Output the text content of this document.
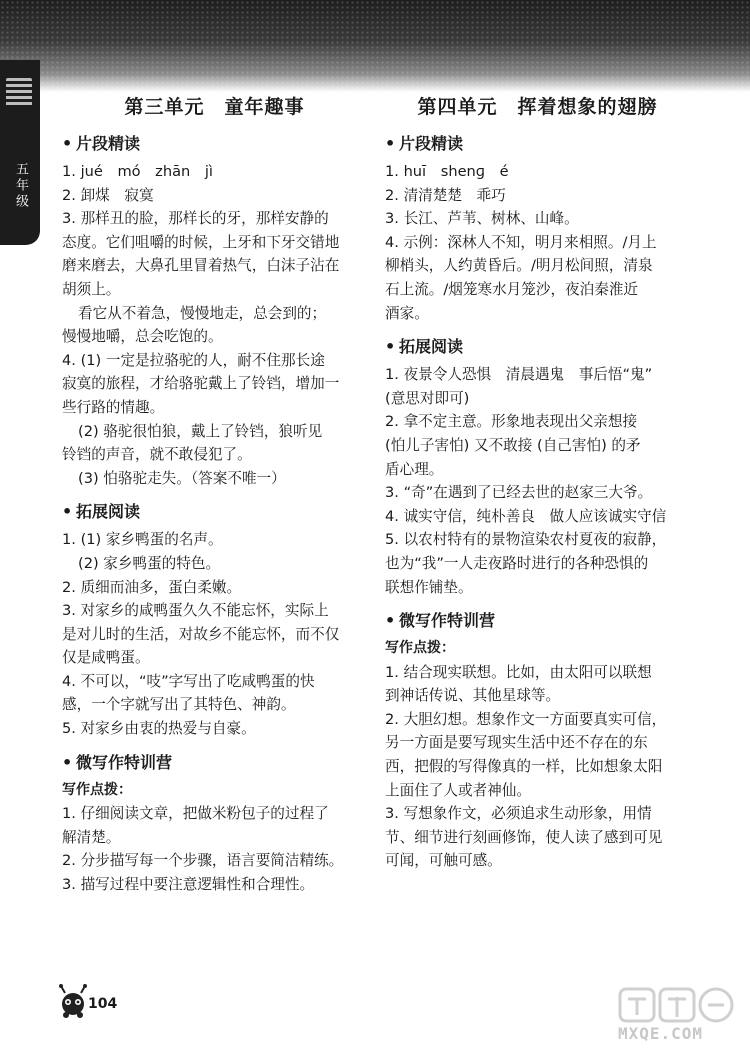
五年级
第三单元　童年趣事
• 片段精读
1. jué　mó　zhān　jì
2. 卸煤　寂寞
3. 那样丑的脸，那样长的牙，那样安静的
态度。它们咀嚼的时候，上牙和下牙交错地
磨来磨去，大鼻孔里冒着热气，白沫子沾在
胡须上。
看它从不着急，慢慢地走，总会到的；
慢慢地嚼，总会吃饱的。
4. (1) 一定是拉骆驼的人，耐不住那长途
寂寞的旅程，才给骆驼戴上了铃铛，增加一
些行路的情趣。
(2) 骆驼很怕狼，戴上了铃铛，狼听见
铃铛的声音，就不敢侵犯了。
(3) 怕骆驼走失。（答案不唯一）
• 拓展阅读
1. (1) 家乡鸭蛋的名声。
(2) 家乡鸭蛋的特色。
2. 质细而油多，蛋白柔嫩。
3. 对家乡的咸鸭蛋久久不能忘怀，实际上
是对儿时的生活，对故乡不能忘怀，而不仅
仅是咸鸭蛋。
4. 不可以，“吱”字写出了吃咸鸭蛋的快
感，一个字就写出了其特色、神韵。
5. 对家乡由衷的热爱与自豪。
• 微写作特训营
写作点拨：
1. 仔细阅读文章，把做米粉包子的过程了
解清楚。
2. 分步描写每一个步骤，语言要简洁精练。
3. 描写过程中要注意逻辑性和合理性。
第四单元　挥着想象的翅膀
• 片段精读
1. huī　shenɡ　é
2. 清清楚楚　乖巧
3. 长江、芦苇、树林、山峰。
4. 示例：深林人不知，明月来相照。/月上
柳梢头，人约黄昏后。/明月松间照，清泉
石上流。/烟笼寒水月笼沙，夜泊秦淮近
酒家。
• 拓展阅读
1. 夜景令人恐惧　清晨遇鬼　事后悟“鬼”
(意思对即可)
2. 拿不定主意。形象地表现出父亲想接
(怕儿子害怕) 又不敢接 (自己害怕) 的矛
盾心理。
3. “奇”在遇到了已经去世的赵家三大爷。
4. 诚实守信，纯朴善良　做人应该诚实守信
5. 以农村特有的景物渲染农村夏夜的寂静，
也为“我”一人走夜路时进行的各种恐惧的
联想作铺垫。
• 微写作特训营
写作点拨：
1. 结合现实联想。比如，由太阳可以联想
到神话传说、其他星球等。
2. 大胆幻想。想象作文一方面要真实可信，
另一方面是要写现实生活中还不存在的东
西，把假的写得像真的一样，比如想象太阳
上面住了人或者神仙。
3. 写想象作文，必须追求生动形象，用情
节、细节进行刻画修饰，使人读了感到可见
可闻，可触可感。
104
MXQE.COM
